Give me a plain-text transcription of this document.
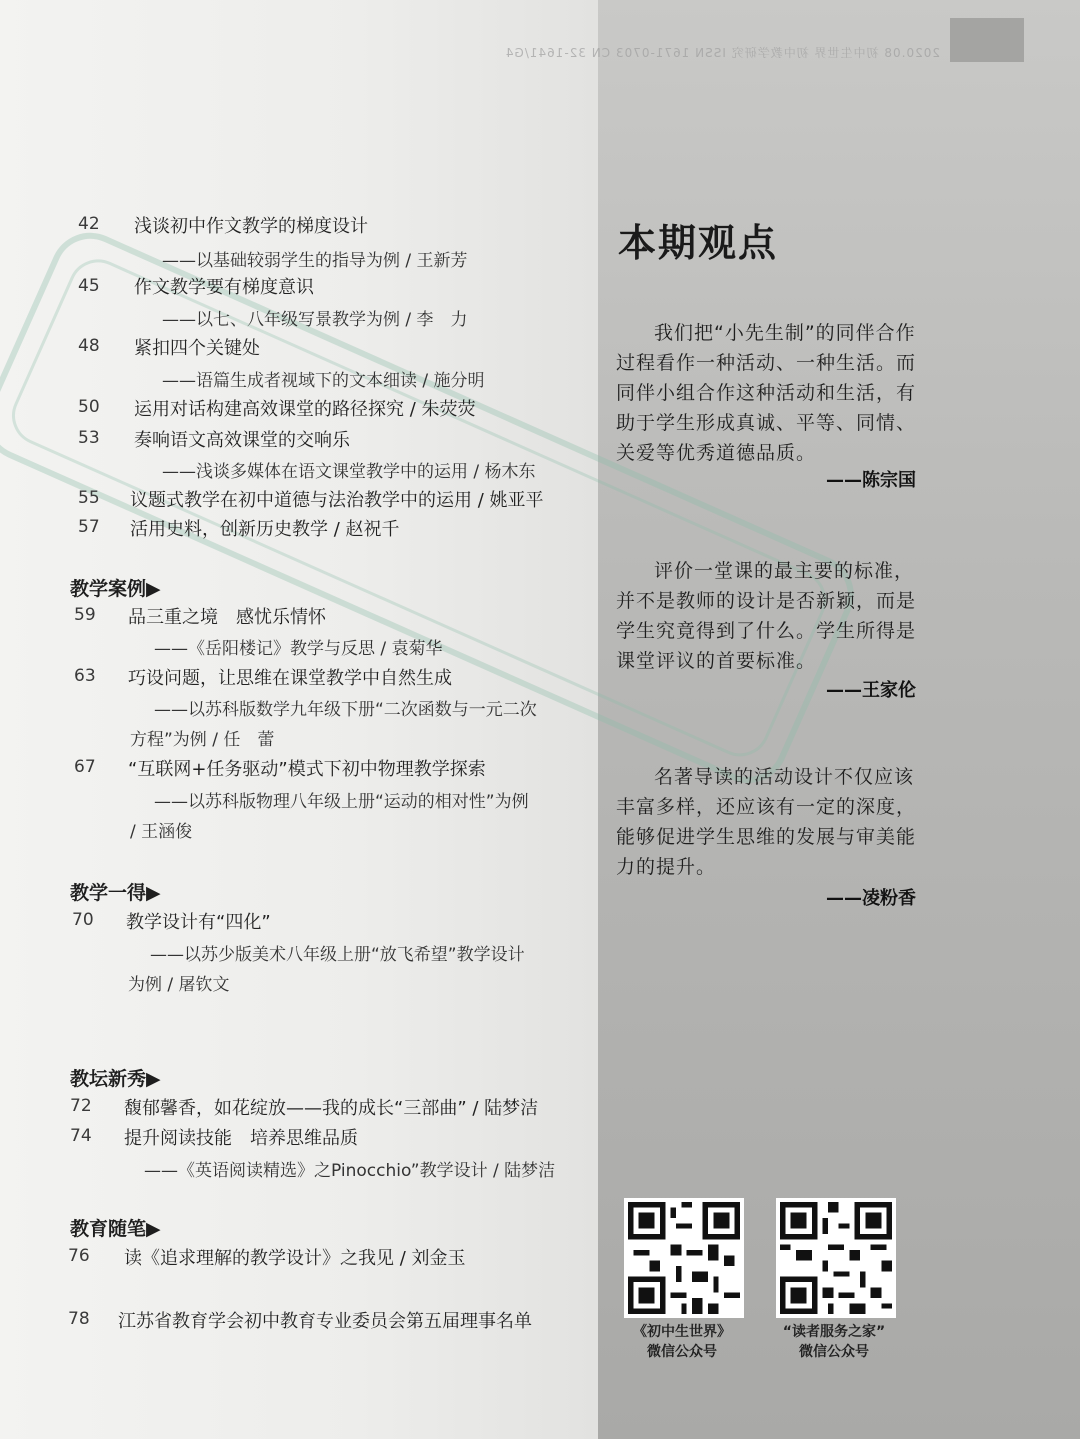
2020.08 初中生世界 初中教学研究 ISSN 1671-0703 CN 32-1641/G4
42	浅谈初中作文教学的梯度设计
——以基础较弱学生的指导为例 / 王新芳
45	作文教学要有梯度意识
——以七、八年级写景教学为例 / 李　力
48	紧扣四个关键处
——语篇生成者视域下的文本细读 / 施分明
50	运用对话构建高效课堂的路径探究 / 朱荧荧
53	奏响语文高效课堂的交响乐
——浅谈多媒体在语文课堂教学中的运用 / 杨木东
55	议题式教学在初中道德与法治教学中的运用 / 姚亚平
57	活用史料，创新历史教学 / 赵祝千
教学案例▶
59	品三重之境　感忧乐情怀
——《岳阳楼记》教学与反思 / 袁菊华
63	巧设问题，让思维在课堂教学中自然生成
——以苏科版数学九年级下册“二次函数与一元二次
方程”为例 / 任　蕾
67	“互联网+任务驱动”模式下初中物理教学探索
——以苏科版物理八年级上册“运动的相对性”为例
/ 王涵俊
教学一得▶
70	教学设计有“四化”
——以苏少版美术八年级上册“放飞希望”教学设计
为例 / 屠钦文
教坛新秀▶
72	馥郁馨香，如花绽放——我的成长“三部曲” / 陆梦洁
74	提升阅读技能　培养思维品质
——《英语阅读精选》之Pinocchio”教学设计 / 陆梦洁
教育随笔▶
76	读《追求理解的教学设计》之我见 / 刘金玉
78	江苏省教育学会初中教育专业委员会第五届理事名单
本期观点
我们把“小先生制”的同伴合作过程看作一种活动、一种生活。而同伴小组合作这种活动和生活，有助于学生形成真诚、平等、同情、关爱等优秀道德品质。
——陈宗国
评价一堂课的最主要的标准，并不是教师的设计是否新颖，而是学生究竟得到了什么。学生所得是课堂评议的首要标准。
——王家伦
名著导读的活动设计不仅应该丰富多样，还应该有一定的深度，能够促进学生思维的发展与审美能力的提升。
——凌粉香
《初中生世界》
微信公众号
“读者服务之家”
微信公众号
